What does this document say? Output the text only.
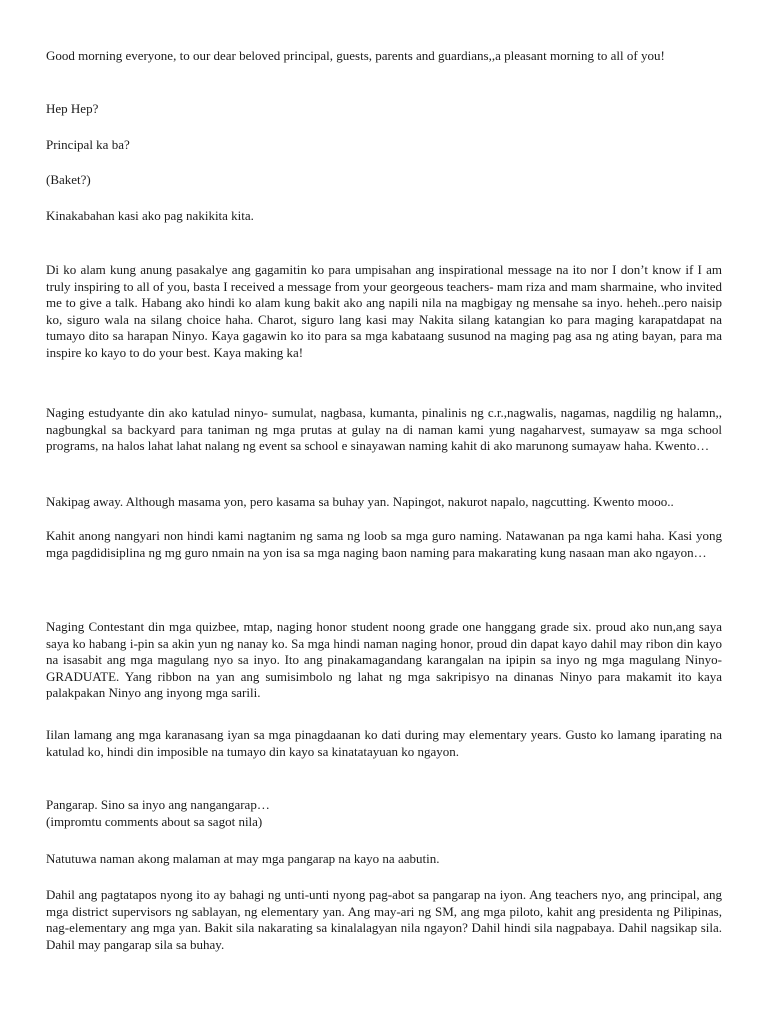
Good morning everyone, to our dear beloved principal, guests, parents and guardians,,a pleasant morning to all of you!

Hep Hep?

Principal ka ba?

(Baket?)

Kinakabahan kasi ako pag nakikita kita.

Di ko alam kung anung pasakalye ang gagamitin ko para umpisahan ang inspirational message na ito nor I don’t know if I am truly inspiring to all of you, basta I received a message from your georgeous teachers- mam riza and mam sharmaine, who invited me to give a talk. Habang ako hindi ko alam kung bakit ako ang napili nila na magbigay ng mensahe sa inyo. heheh..pero naisip ko, siguro wala na silang choice haha. Charot, siguro lang kasi may Nakita silang katangian ko para maging karapatdapat na tumayo dito sa harapan Ninyo. Kaya gagawin ko ito para sa mga kabataang susunod na maging pag asa ng ating bayan, para ma inspire ko kayo to do your best. Kaya making ka!

Naging estudyante din ako katulad ninyo- sumulat, nagbasa, kumanta, pinalinis ng c.r.,nagwalis, nagamas, nagdilig ng halamn,, nagbungkal sa backyard para taniman ng mga prutas at gulay na di naman kami yung nagaharvest, sumayaw sa mga school programs, na halos lahat lahat nalang ng event sa school e sinayawan naming kahit di ako marunong sumayaw haha. Kwento…

Nakipag away. Although masama yon, pero kasama sa buhay yan. Napingot, nakurot napalo, nagcutting. Kwento mooo..

Kahit anong nangyari non hindi kami nagtanim ng sama ng loob sa mga guro naming. Natawanan pa nga kami haha. Kasi yong mga pagdidisiplina ng mg guro nmain na yon isa sa mga naging baon naming para makarating kung nasaan man ako ngayon…

Naging Contestant din mga quizbee, mtap, naging honor student noong grade one hanggang grade six. proud ako nun,ang saya saya ko habang i-pin sa akin yun ng nanay ko. Sa mga hindi naman naging honor, proud din dapat kayo dahil may ribon din kayo na isasabit ang mga magulang nyo sa inyo. Ito ang pinakamagandang karangalan na ipipin sa inyo ng mga magulang Ninyo- GRADUATE. Yang ribbon na yan ang sumisimbolo ng lahat ng mga sakripisyo na dinanas Ninyo para makamit ito kaya palakpakan Ninyo ang inyong mga sarili.

Iilan lamang ang mga karanasang iyan sa mga pinagdaanan ko dati during may elementary years. Gusto ko lamang iparating na katulad ko, hindi din imposible na tumayo din kayo sa kinatatayuan ko ngayon.

Pangarap. Sino sa inyo ang nangangarap…

(impromtu comments about sa sagot nila)

Natutuwa naman akong malaman at may mga pangarap na kayo na aabutin.

Dahil ang pagtatapos nyong ito ay bahagi ng unti-unti nyong pag-abot sa pangarap na iyon. Ang teachers nyo, ang principal, ang mga district supervisors ng sablayan, ng elementary yan. Ang may-ari ng SM, ang mga piloto, kahit ang presidenta ng Pilipinas, nag-elementary ang mga yan. Bakit sila nakarating sa kinalalagyan nila ngayon? Dahil hindi sila nagpabaya. Dahil nagsikap sila. Dahil may pangarap sila sa buhay.
